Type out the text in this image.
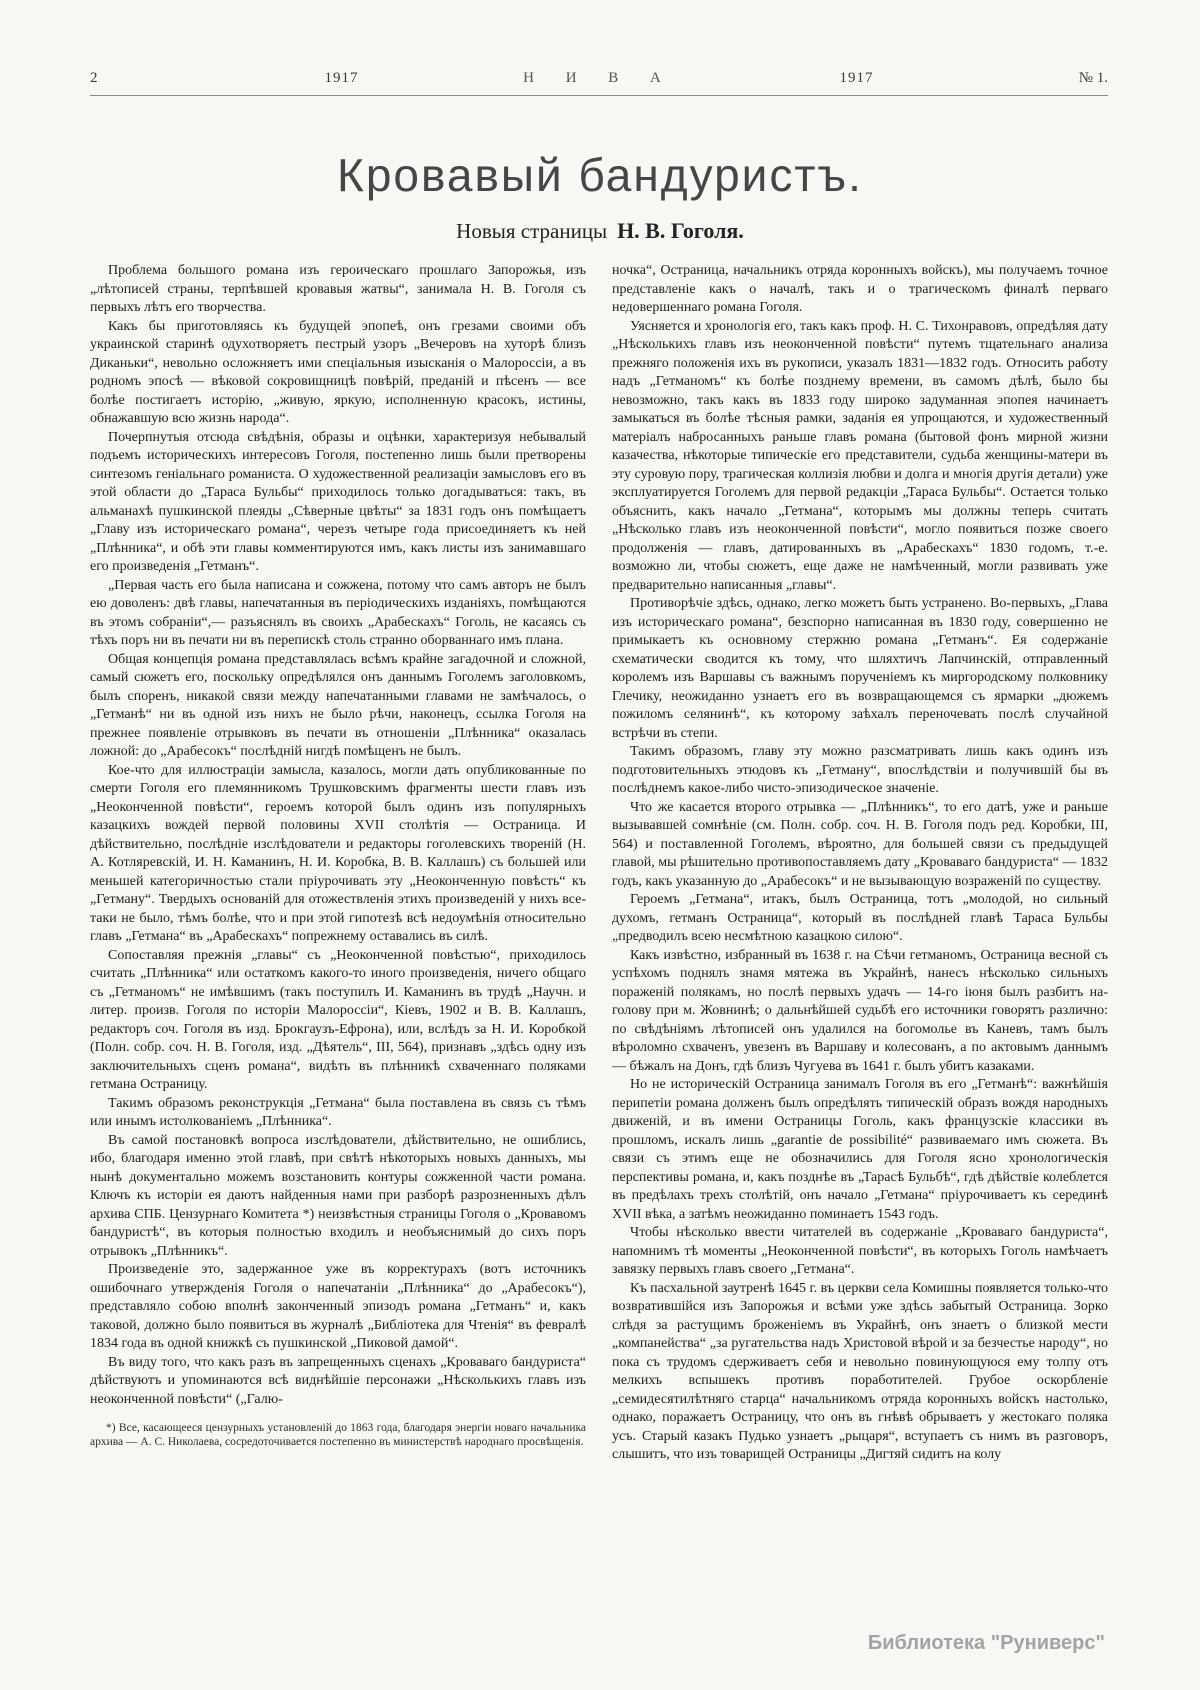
2	1917	Н И В А	1917	№ 1.
Кровавый бандуристъ.
Новыя страницы Н. В. Гоголя.

Проблема большого романа изъ героическаго прошлаго Запорожья, изъ „лѣтописей страны, терпѣвшей кровавыя жатвы“, занимала Н. В. Гоголя съ первыхъ лѣтъ его творчества.

Какъ бы приготовляясь къ будущей эпопеѣ, онъ грезами своими объ украинской старинѣ одухотворяетъ пестрый узоръ „Вечеровъ на хуторѣ близъ Диканьки“, невольно осложняетъ ими спеціальныя изысканія о Малороссіи, а въ родномъ эпосѣ — вѣковой сокровищницѣ повѣрій, преданій и пѣсенъ — все болѣе постигаетъ исторію, „живую, яркую, исполненную красокъ, истины, обнажавшую всю жизнь народа“.

Почерпнутыя отсюда свѣдѣнія, образы и оцѣнки, характеризуя небывалый подъемъ историческихъ интересовъ Гоголя, постепенно лишь были претворены синтезомъ геніальнаго романиста. О художественной реализаціи замысловъ его въ этой области до „Тараса Бульбы“ приходилось только догадываться: такъ, въ альманахѣ пушкинской плеяды „Сѣверные цвѣты“ за 1831 годъ онъ помѣщаетъ „Главу изъ историческаго романа“, черезъ четыре года присоединяетъ къ ней „Плѣнника“, и обѣ эти главы комментируются имъ, какъ листы изъ занимавшаго его произведенія „Гетманъ“.

„Первая часть его была написана и сожжена, потому что самъ авторъ не былъ ею доволенъ: двѣ главы, напечатанныя въ періодическихъ изданіяхъ, помѣщаются въ этомъ собраніи“,— разъяснялъ въ своихъ „Арабескахъ“ Гоголь, не касаясь съ тѣхъ поръ ни въ печати ни въ перепискѣ столь странно оборваннаго имъ плана.

Общая концепція романа представлялась всѣмъ крайне загадочной и сложной, самый сюжетъ его, поскольку опредѣлялся онъ даннымъ Гоголемъ заголовкомъ, былъ споренъ, никакой связи между напечатанными главами не замѣчалось, о „Гетманѣ“ ни въ одной изъ нихъ не было рѣчи, наконецъ, ссылка Гоголя на прежнее появленіе отрывковъ въ печати въ отношеніи „Плѣнника“ оказалась ложной: до „Арабесокъ“ послѣдній нигдѣ помѣщенъ не былъ.

Кое-что для иллюстраціи замысла, казалось, могли дать опубликованные по смерти Гоголя его племянникомъ Трушковскимъ фрагменты шести главъ изъ „Неоконченной повѣсти“, героемъ которой былъ одинъ изъ популярныхъ казацкихъ вождей первой половины XVII столѣтія — Остраница. И дѣйствительно, послѣдніе изслѣдователи и редакторы гоголевскихъ твореній (Н. А. Котляревскій, И. Н. Каманинъ, Н. И. Коробка, В. В. Каллашъ) съ большей или меньшей категоричностью стали пріурочивать эту „Неоконченную повѣсть“ къ „Гетману“. Твердыхъ основаній для отожествленія этихъ произведеній у нихъ все-таки не было, тѣмъ болѣе, что и при этой гипотезѣ всѣ недоумѣнія относительно главъ „Гетмана“ въ „Арабескахъ“ попрежнему оставались въ силѣ.

Сопоставляя прежнія „главы“ съ „Неоконченной повѣстью“, приходилось считать „Плѣнника“ или остаткомъ какого-то иного произведенія, ничего общаго съ „Гетманомъ“ не имѣвшимъ (такъ поступилъ И. Каманинъ въ трудѣ „Научн. и литер. произв. Гоголя по исторіи Малороссіи“, Кіевъ, 1902 и В. В. Каллашъ, редакторъ соч. Гоголя въ изд. Брокгаузъ-Ефрона), или, вслѣдъ за Н. И. Коробкой (Полн. собр. соч. Н. В. Гоголя, изд. „Дѣятель“, III, 564), признавъ „здѣсь одну изъ заключительныхъ сценъ романа“, видѣть въ плѣнникѣ схваченнаго поляками гетмана Остраницу.

Такимъ образомъ реконструкція „Гетмана“ была поставлена въ связь съ тѣмъ или инымъ истолкованіемъ „Плѣнника“.

Въ самой постановкѣ вопроса изслѣдователи, дѣйствительно, не ошиблись, ибо, благодаря именно этой главѣ, при свѣтѣ нѣкоторыхъ новыхъ данныхъ, мы нынѣ документально можемъ возстановить контуры сожженной части романа. Ключъ къ исторіи ея даютъ найденныя нами при разборѣ разрозненныхъ дѣлъ архива СПБ. Цензурнаго Комитета *) неизвѣстныя страницы Гоголя о „Кровавомъ бандуристѣ“, въ которыя полностью входилъ и необъяснимый до сихъ поръ отрывокъ „Плѣнникъ“.

Произведеніе это, задержанное уже въ корректурахъ (вотъ источникъ ошибочнаго утвержденія Гоголя о напечатаніи „Плѣнника“ до „Арабесокъ“), представляло собою вполнѣ законченный эпизодъ романа „Гетманъ“ и, какъ таковой, должно было появиться въ журналѣ „Библіотека для Чтенія“ въ февралѣ 1834 года въ одной книжкѣ съ пушкинской „Пиковой дамой“.

Въ виду того, что какъ разъ въ запрещенныхъ сценахъ „Кроваваго бандуриста“ дѣйствуютъ и упоминаются всѣ виднѣйшіе персонажи „Нѣсколькихъ главъ изъ неоконченной повѣсти“ („Галю-

*) Все, касающееся цензурныхъ установленій до 1863 года, благодаря энергіи новаго начальника архива — А. С. Николаева, сосредоточивается постепенно въ министерствѣ народнаго просвѣщенія.

ночка“, Остраница, начальникъ отряда коронныхъ войскъ), мы получаемъ точное представленіе какъ о началѣ, такъ и о трагическомъ финалѣ перваго недовершеннаго романа Гоголя.

Уясняется и хронологія его, такъ какъ проф. Н. С. Тихонравовъ, опредѣляя дату „Нѣсколькихъ главъ изъ неоконченной повѣсти“ путемъ тщательнаго анализа прежняго положенія ихъ въ рукописи, указалъ 1831—1832 годъ. Относить работу надъ „Гетманомъ“ къ болѣе позднему времени, въ самомъ дѣлѣ, было бы невозможно, такъ какъ въ 1833 году широко задуманная эпопея начинаетъ замыкаться въ болѣе тѣсныя рамки, заданія ея упрощаются, и художественный матеріалъ набросанныхъ раньше главъ романа (бытовой фонъ мирной жизни казачества, нѣкоторые типическіе его представители, судьба женщины-матери въ эту суровую пору, трагическая коллизія любви и долга и многія другія детали) уже эксплуатируется Гоголемъ для первой редакціи „Тараса Бульбы“. Остается только объяснить, какъ начало „Гетмана“, которымъ мы должны теперь считать „Нѣсколько главъ изъ неоконченной повѣсти“, могло появиться позже своего продолженія — главъ, датированныхъ въ „Арабескахъ“ 1830 годомъ, т.-е. возможно ли, чтобы сюжетъ, еще даже не намѣченный, могли развивать уже предварительно написанныя „главы“.

Противорѣчіе здѣсь, однако, легко можетъ быть устранено. Во-первыхъ, „Глава изъ историческаго романа“, безспорно написанная въ 1830 году, совершенно не примыкаетъ къ основному стержню романа „Гетманъ“. Ея содержаніе схематически сводится къ тому, что шляхтичъ Лапчинскій, отправленный королемъ изъ Варшавы съ важнымъ порученіемъ къ миргородскому полковнику Глечику, неожиданно узнаетъ его въ возвращающемся съ ярмарки „дюжемъ пожиломъ селянинѣ“, къ которому заѣхалъ переночевать послѣ случайной встрѣчи въ степи.

Такимъ образомъ, главу эту можно разсматривать лишь какъ одинъ изъ подготовительныхъ этюдовъ къ „Гетману“, впослѣдствіи и получившій бы въ послѣднемъ какое-либо чисто-эпизодическое значеніе.

Что же касается второго отрывка — „Плѣнникъ“, то его датѣ, уже и раньше вызывавшей сомнѣніе (см. Полн. собр. соч. Н. В. Гоголя подъ ред. Коробки, III, 564) и поставленной Гоголемъ, вѣроятно, для большей связи съ предыдущей главой, мы рѣшительно противопоставляемъ дату „Кроваваго бандуриста“ — 1832 годъ, какъ указанную до „Арабесокъ“ и не вызывающую возраженій по существу.

Героемъ „Гетмана“, итакъ, былъ Остраница, тотъ „молодой, но сильный духомъ, гетманъ Остраница“, который въ послѣдней главѣ Тараса Бульбы „предводилъ всею несмѣтною казацкою силою“.

Какъ извѣстно, избранный въ 1638 г. на Сѣчи гетманомъ, Остраница весной съ успѣхомъ поднялъ знамя мятежа въ Украйнѣ, нанесъ нѣсколько сильныхъ пораженій полякамъ, но послѣ первыхъ удачъ — 14-го іюня былъ разбитъ на-голову при м. Жовнинѣ; о дальнѣйшей судьбѣ его источники говорятъ различно: по свѣдѣніямъ лѣтописей онъ удалился на богомолье въ Каневъ, тамъ былъ вѣроломно схваченъ, увезенъ въ Варшаву и колесованъ, а по актовымъ даннымъ — бѣжалъ на Донъ, гдѣ близъ Чугуева въ 1641 г. былъ убитъ казаками.

Но не историческій Остраница занималъ Гоголя въ его „Гетманѣ“: важнѣйшія перипетіи романа долженъ былъ опредѣлять типическій образъ вождя народныхъ движеній, и въ имени Остраницы Гоголь, какъ французскіе классики въ прошломъ, искалъ лишь „garantie de possibilité“ развиваемаго имъ сюжета. Въ связи съ этимъ еще не обозначились для Гоголя ясно хронологическія перспективы романа, и, какъ позднѣе въ „Тарасѣ Бульбѣ“, гдѣ дѣйствіе колеблется въ предѣлахъ трехъ столѣтій, онъ начало „Гетмана“ пріурочиваетъ къ серединѣ XVII вѣка, а затѣмъ неожиданно поминаетъ 1543 годъ.

Чтобы нѣсколько ввести читателей въ содержаніе „Кроваваго бандуриста“, напомнимъ тѣ моменты „Неоконченной повѣсти“, въ которыхъ Гоголь намѣчаетъ завязку первыхъ главъ своего „Гетмана“.

Къ пасхальной заутренѣ 1645 г. въ церкви села Комишны появляется только-что возвратившійся изъ Запорожья и всѣми уже здѣсь забытый Остраница. Зорко слѣдя за растущимъ броженіемъ въ Украйнѣ, онъ знаетъ о близкой мести „компанейства“ „за ругательства надъ Христовой вѣрой и за безчестье народу“, но пока съ трудомъ сдерживаетъ себя и невольно повинующуюся ему толпу отъ мелкихъ вспышекъ противъ поработителей. Грубое оскорбленіе „семидесятилѣтняго старца“ начальникомъ отряда коронныхъ войскъ настолько, однако, поражаетъ Остраницу, что онъ въ гнѣвѣ обрываетъ у жестокаго поляка усъ. Старый казакъ Пудько узнаетъ „рыцаря“, вступаетъ съ нимъ въ разговоръ, слышитъ, что изъ товарищей Остраницы „Дигтяй сидитъ на колу

Библиотека "Руниверс"
